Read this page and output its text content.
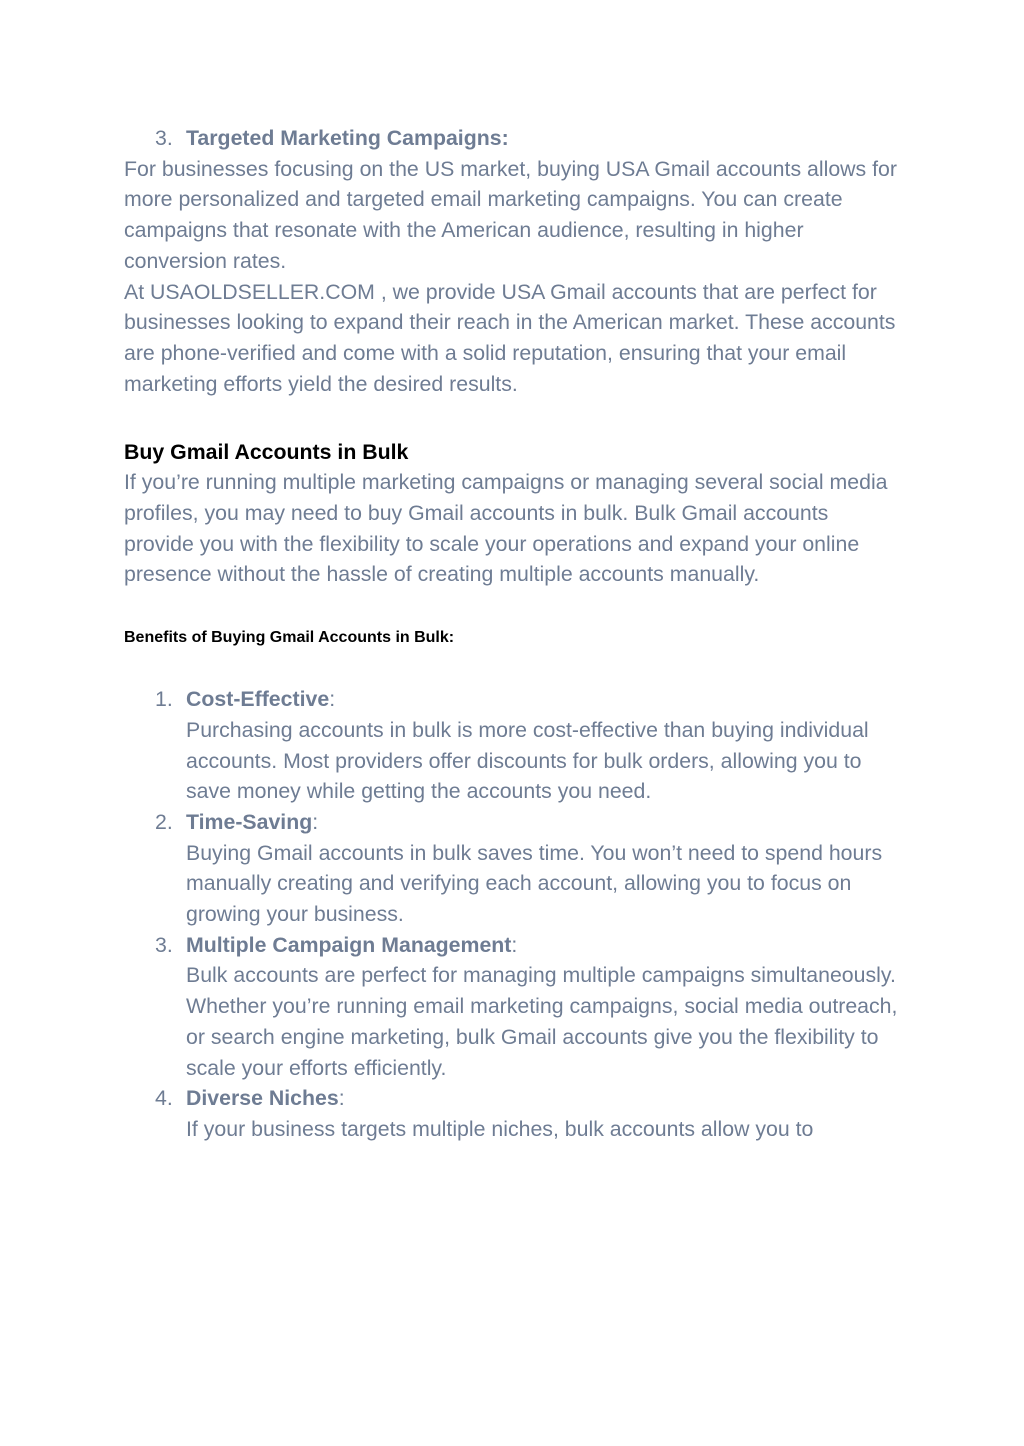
3. Targeted Marketing Campaigns:

For businesses focusing on the US market, buying USA Gmail accounts allows for more personalized and targeted email marketing campaigns. You can create campaigns that resonate with the American audience, resulting in higher conversion rates.

At USAOLDSELLER.COM , we provide USA Gmail accounts that are perfect for businesses looking to expand their reach in the American market. These accounts are phone-verified and come with a solid reputation, ensuring that your email marketing efforts yield the desired results.

Buy Gmail Accounts in Bulk

If you’re running multiple marketing campaigns or managing several social media profiles, you may need to buy Gmail accounts in bulk. Bulk Gmail accounts provide you with the flexibility to scale your operations and expand your online presence without the hassle of creating multiple accounts manually.

Benefits of Buying Gmail Accounts in Bulk:
1. Cost-Effective:
Purchasing accounts in bulk is more cost-effective than buying individual accounts. Most providers offer discounts for bulk orders, allowing you to save money while getting the accounts you need.
2. Time-Saving:
Buying Gmail accounts in bulk saves time. You won’t need to spend hours manually creating and verifying each account, allowing you to focus on growing your business.
3. Multiple Campaign Management:
Bulk accounts are perfect for managing multiple campaigns simultaneously. Whether you’re running email marketing campaigns, social media outreach, or search engine marketing, bulk Gmail accounts give you the flexibility to scale your efforts efficiently.
4. Diverse Niches:
If your business targets multiple niches, bulk accounts allow you to
